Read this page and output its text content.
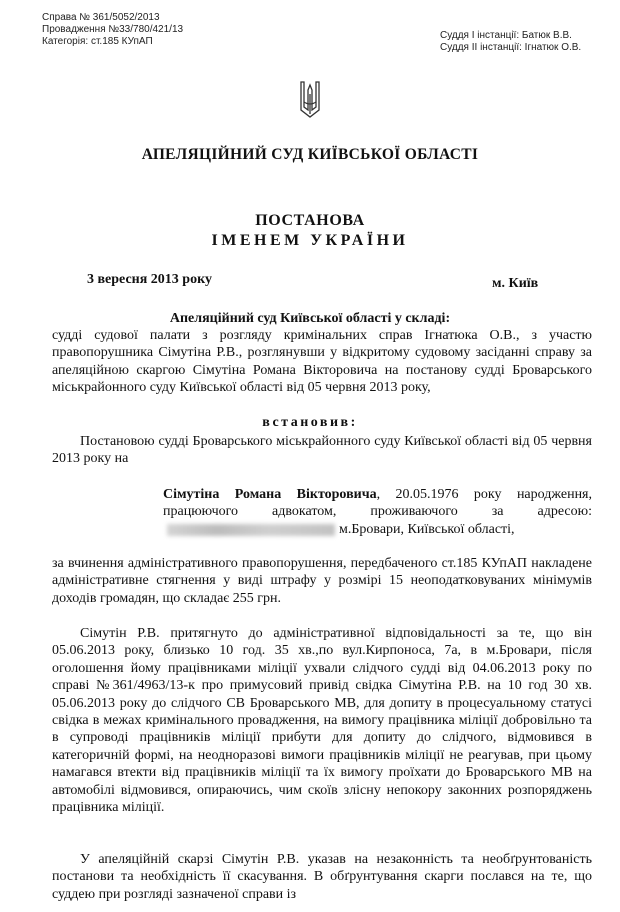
Справа № 361/5052/2013
Провадження №33/780/421/13
Категорія: ст.185 КУпАП
Суддя І інстанції: Батюк В.В.
Суддя ІІ інстанції: Ігнатюк О.В.
АПЕЛЯЦІЙНИЙ СУД КИЇВСЬКОЇ ОБЛАСТІ
ПОСТАНОВА
ІМЕНЕМ УКРАЇНИ
3 вересня 2013 року	м. Київ
Апеляційний суд Київської області у складі:

судді судової палати з розгляду кримінальних справ Ігнатюка О.В., з участю правопорушника Сімутіна Р.В., розглянувши у відкритому судовому засіданні справу за апеляційною скаргою Сімутіна Романа Вікторовича на постанову судді Броварського міськрайонного суду Київської області від 05 червня 2013 року,

встановив:

Постановою судді Броварського міськрайонного суду Київської області від 05 червня 2013 року на

Сімутіна Романа Вікторовича, 20.05.1976 року народження, працюючого адвокатом, проживаючого за адресою:м.Бровари, Київської області,

за вчинення адміністративного правопорушення, передбаченого ст.185 КУпАП накладене адміністративне стягнення у виді штрафу у розмірі 15 неоподатковуваних мінімумів доходів громадян, що складає 255 грн.

Сімутін Р.В. притягнуто до адміністративної відповідальності за те, що він 05.06.2013 року, близько 10 год. 35 хв.,по вул.Кирпоноса, 7а, в м.Бровари, після оголошення йому працівниками міліції ухвали слідчого судді від 04.06.2013 року по справі №361/4963/13-к про примусовий привід свідка Сімутіна Р.В. на 10 год 30 хв. 05.06.2013 року до слідчого СВ Броварського МВ, для допиту в процесуальному статусі свідка в межах кримінального провадження, на вимогу працівника міліції добровільно та в супроводі працівників міліції прибути для допиту до слідчого, відмовився в категоричній формі, на неодноразові вимоги працівників міліції не реагував, при цьому намагався втекти від працівників міліції та їх вимогу проїхати до Броварського МВ на автомобілі відмовився, опираючись, чим скоїв злісну непокору законних розпоряджень працівника міліції.

У апеляційній скарзі Сімутін Р.В. указав на незаконність та необґрунтованість постанови та необхідність її скасування. В обґрунтування скарги послався на те, що суддею при розгляді зазначеної справи із
